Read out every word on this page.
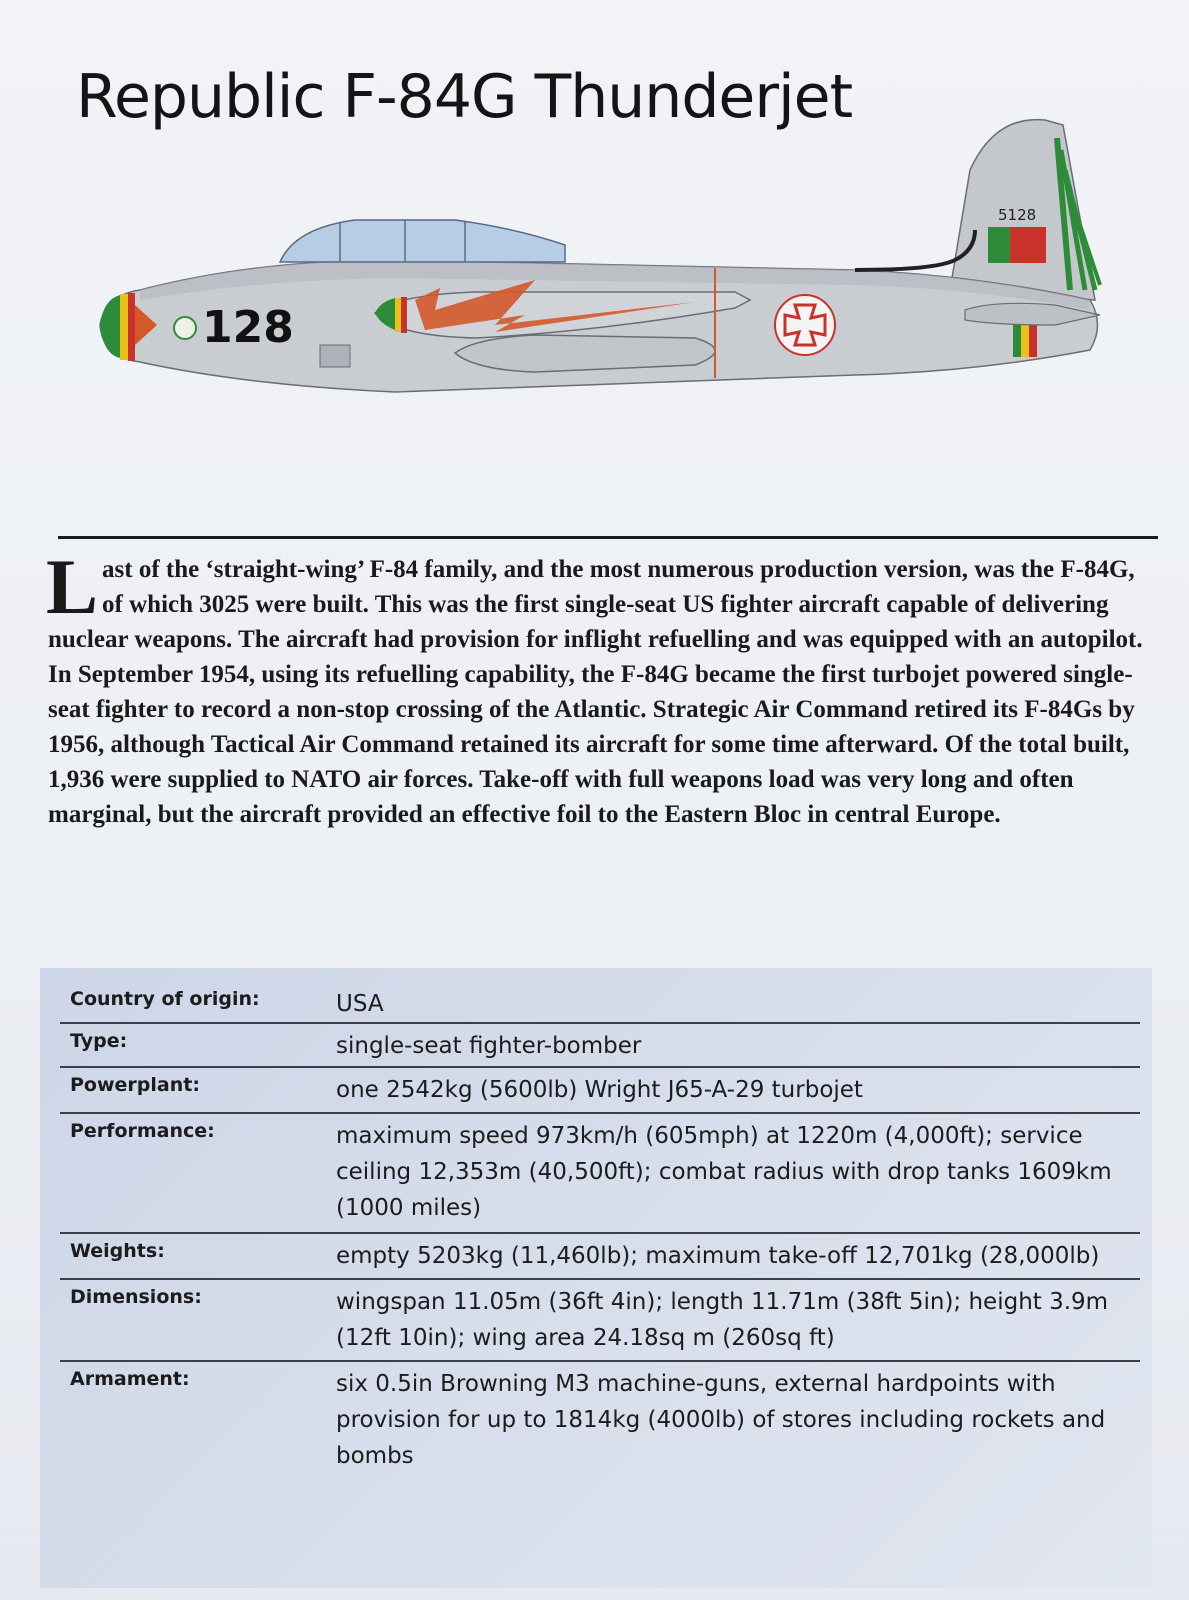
Republic F-84G Thunderjet
128
5128

Last of the ‘straight-wing’ F-84 family, and the most numerous production version, was the F-84G, of which 3025 were built. This was the first single-seat US fighter aircraft capable of delivering nuclear weapons. The aircraft had provision for inflight refuelling and was equipped with an autopilot. In September 1954, using its refuelling capability, the F-84G became the first turbojet powered single-seat fighter to record a non-stop crossing of the Atlantic. Strategic Air Command retired its F-84Gs by 1956, although Tactical Air Command retained its aircraft for some time afterward. Of the total built, 1,936 were supplied to NATO air forces. Take-off with full weapons load was very long and often marginal, but the aircraft provided an effective foil to the Eastern Bloc in central Europe.

Country of origin:	USA
Type:	single-seat fighter-bomber
Powerplant:	one 2542kg (5600lb) Wright J65-A-29 turbojet
Performance:	maximum speed 973km/h (605mph) at 1220m (4,000ft); service ceiling 12,353m (40,500ft); combat radius with drop tanks 1609km (1000 miles)
Weights:	empty 5203kg (11,460lb); maximum take-off 12,701kg (28,000lb)
Dimensions:	wingspan 11.05m (36ft 4in); length 11.71m (38ft 5in); height 3.9m (12ft 10in); wing area 24.18sq m (260sq ft)
Armament:	six 0.5in Browning M3 machine-guns, external hardpoints with provision for up to 1814kg (4000lb) of stores including rockets and bombs
